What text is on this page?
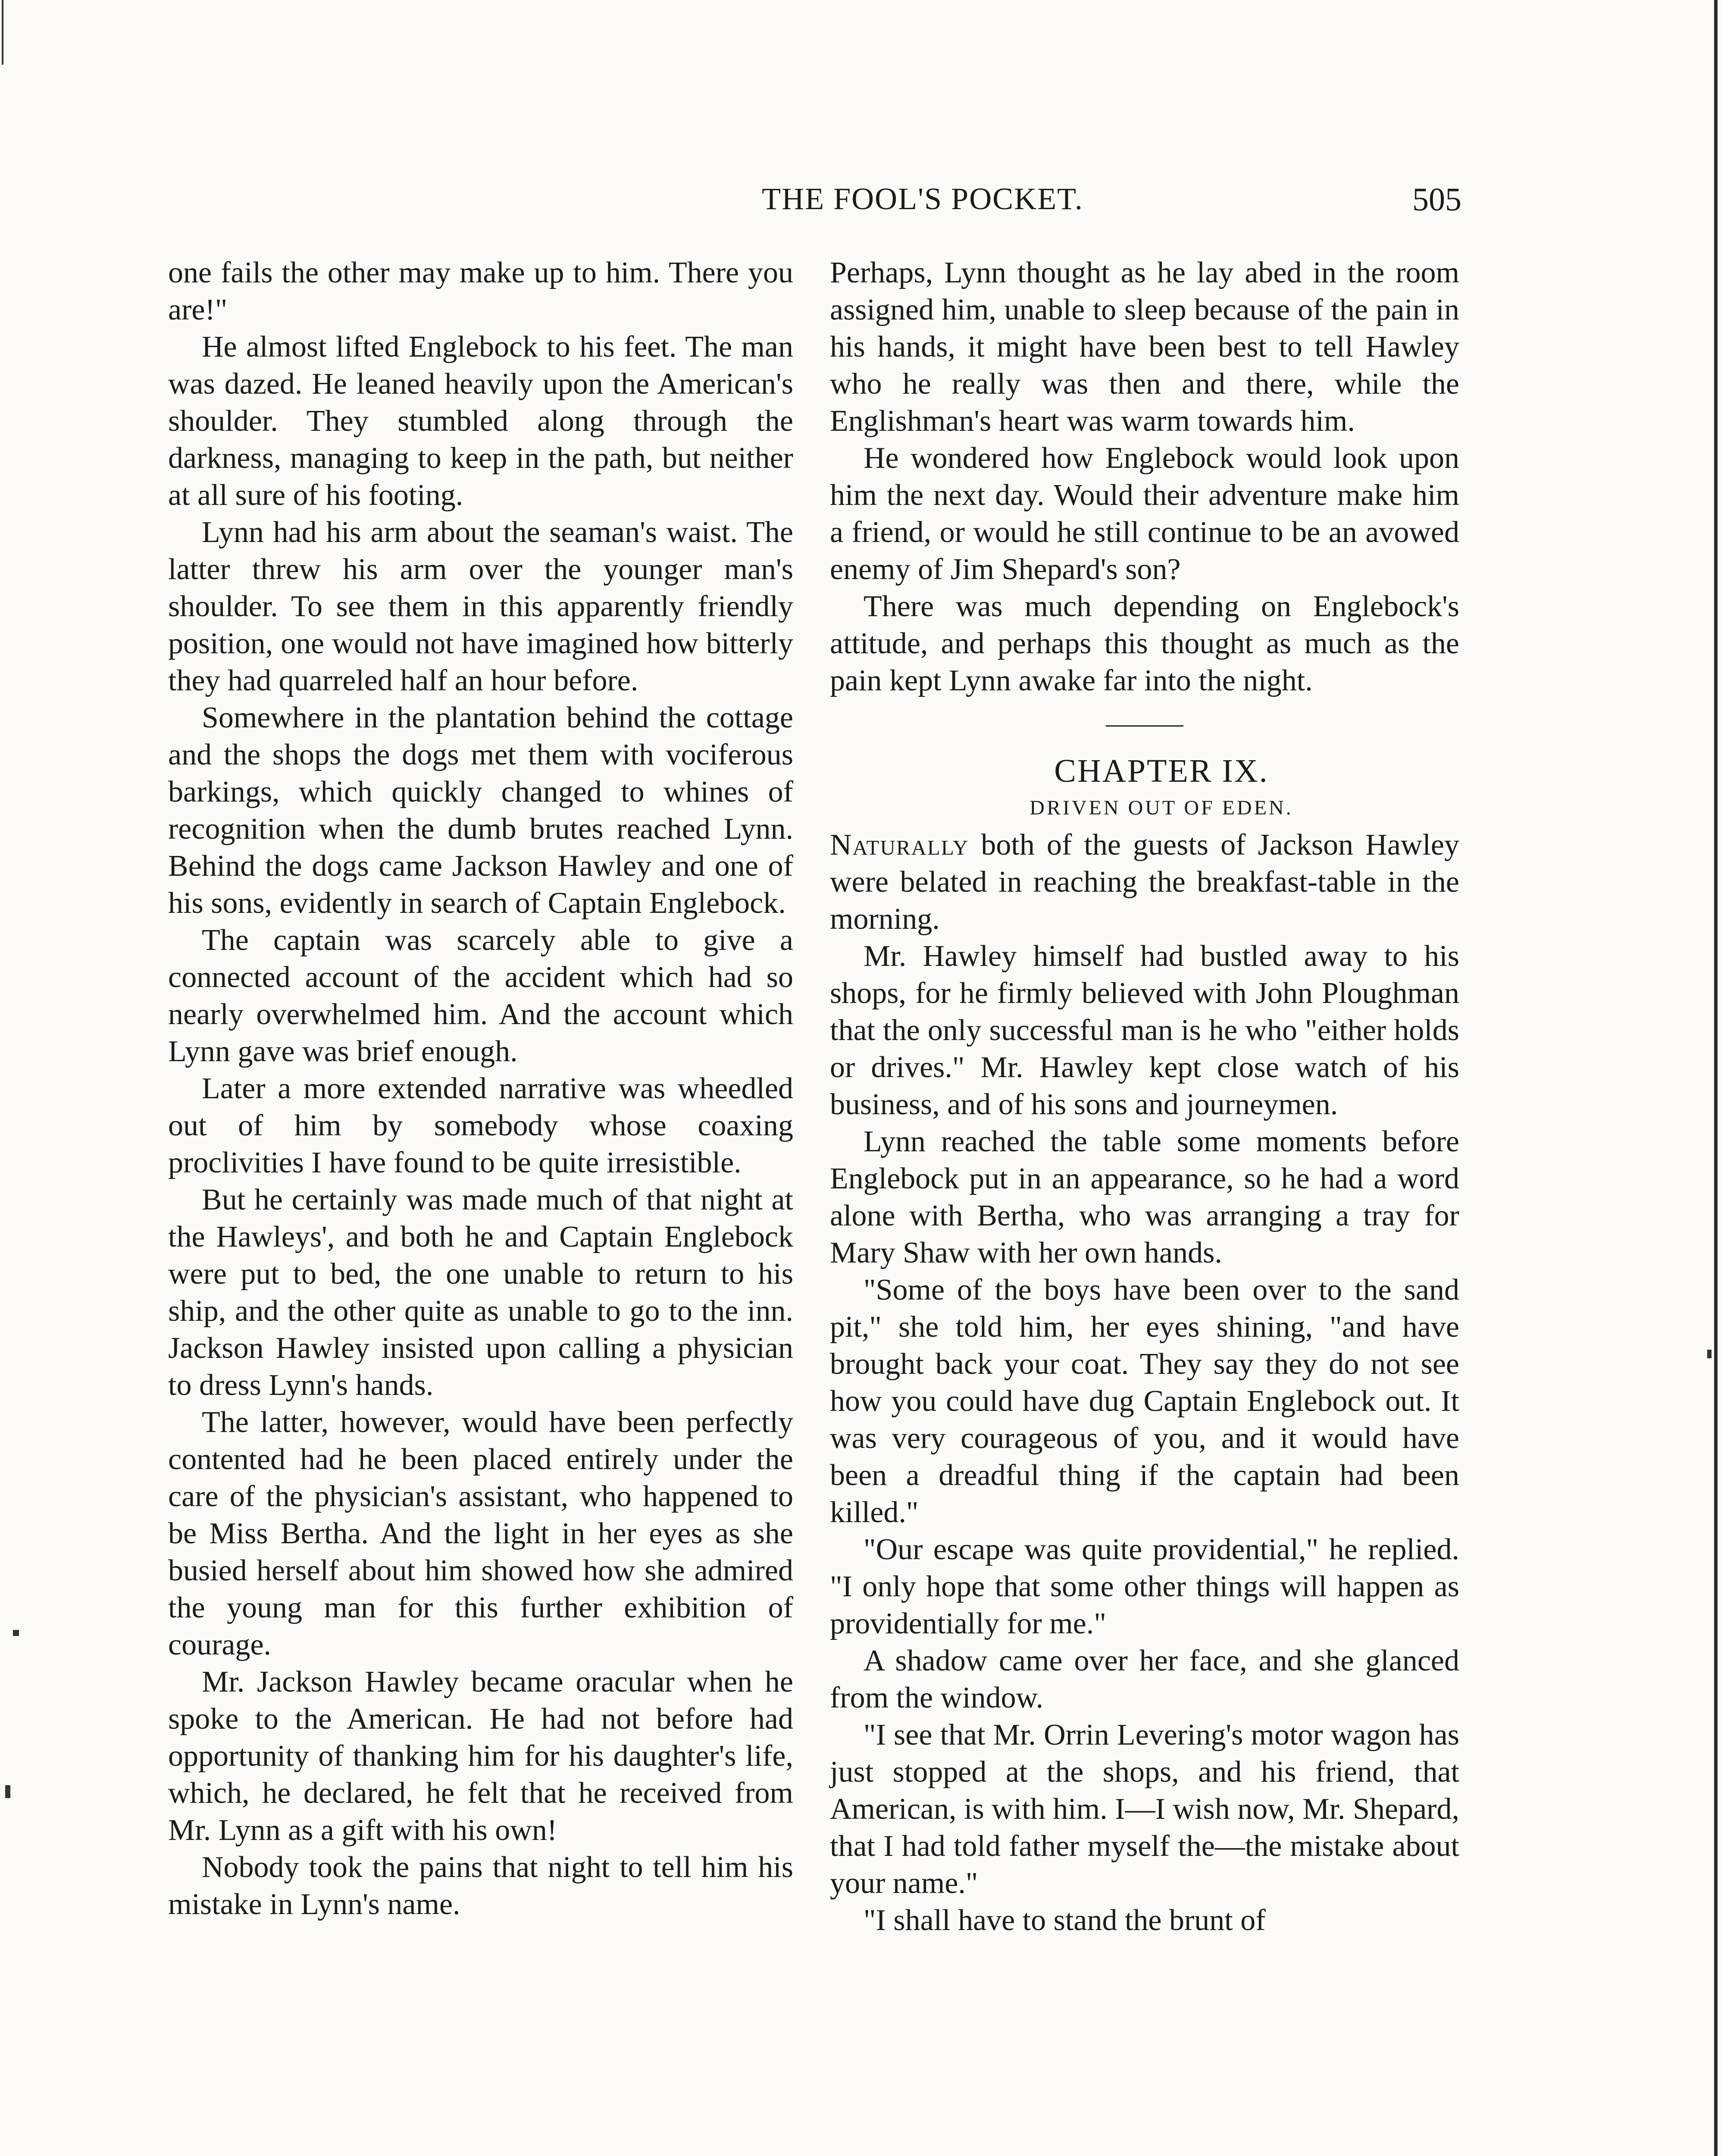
THE FOOL'S POCKET.	505

one fails the other may make up to him. There you are!"

He almost lifted Englebock to his feet. The man was dazed. He leaned heavily upon the American's shoulder. They stumbled along through the darkness, managing to keep in the path, but neither at all sure of his footing.

Lynn had his arm about the seaman's waist. The latter threw his arm over the younger man's shoulder. To see them in this apparently friendly position, one would not have imagined how bitterly they had quarreled half an hour before.

Somewhere in the plantation behind the cottage and the shops the dogs met them with vociferous barkings, which quickly changed to whines of recognition when the dumb brutes reached Lynn. Behind the dogs came Jackson Hawley and one of his sons, evidently in search of Captain Englebock.

The captain was scarcely able to give a connected account of the accident which had so nearly overwhelmed him. And the account which Lynn gave was brief enough.

Later a more extended narrative was wheedled out of him by somebody whose coaxing proclivities I have found to be quite irresistible.

But he certainly was made much of that night at the Hawleys', and both he and Captain Englebock were put to bed, the one unable to return to his ship, and the other quite as unable to go to the inn. Jackson Hawley insisted upon calling a physician to dress Lynn's hands.

The latter, however, would have been perfectly contented had he been placed entirely under the care of the physician's assistant, who happened to be Miss Bertha. And the light in her eyes as she busied herself about him showed how she admired the young man for this further exhibition of courage.

Mr. Jackson Hawley became oracular when he spoke to the American. He had not before had opportunity of thanking him for his daughter's life, which, he declared, he felt that he received from Mr. Lynn as a gift with his own!

Nobody took the pains that night to tell him his mistake in Lynn's name.

Perhaps, Lynn thought as he lay abed in the room assigned him, unable to sleep because of the pain in his hands, it might have been best to tell Hawley who he really was then and there, while the Englishman's heart was warm towards him.

He wondered how Englebock would look upon him the next day. Would their adventure make him a friend, or would he still continue to be an avowed enemy of Jim Shepard's son?

There was much depending on Englebock's attitude, and perhaps this thought as much as the pain kept Lynn awake far into the night.

CHAPTER IX.

DRIVEN OUT OF EDEN.

Naturally both of the guests of Jackson Hawley were belated in reaching the breakfast-table in the morning.

Mr. Hawley himself had bustled away to his shops, for he firmly believed with John Ploughman that the only successful man is he who "either holds or drives." Mr. Hawley kept close watch of his business, and of his sons and journeymen.

Lynn reached the table some moments before Englebock put in an appearance, so he had a word alone with Bertha, who was arranging a tray for Mary Shaw with her own hands.

"Some of the boys have been over to the sand pit," she told him, her eyes shining, "and have brought back your coat. They say they do not see how you could have dug Captain Englebock out. It was very courageous of you, and it would have been a dreadful thing if the captain had been killed."

"Our escape was quite providential," he replied. "I only hope that some other things will happen as providentially for me."

A shadow came over her face, and she glanced from the window.

"I see that Mr. Orrin Levering's motor wagon has just stopped at the shops, and his friend, that American, is with him. I—I wish now, Mr. Shepard, that I had told father myself the—the mistake about your name."

"I shall have to stand the brunt of
